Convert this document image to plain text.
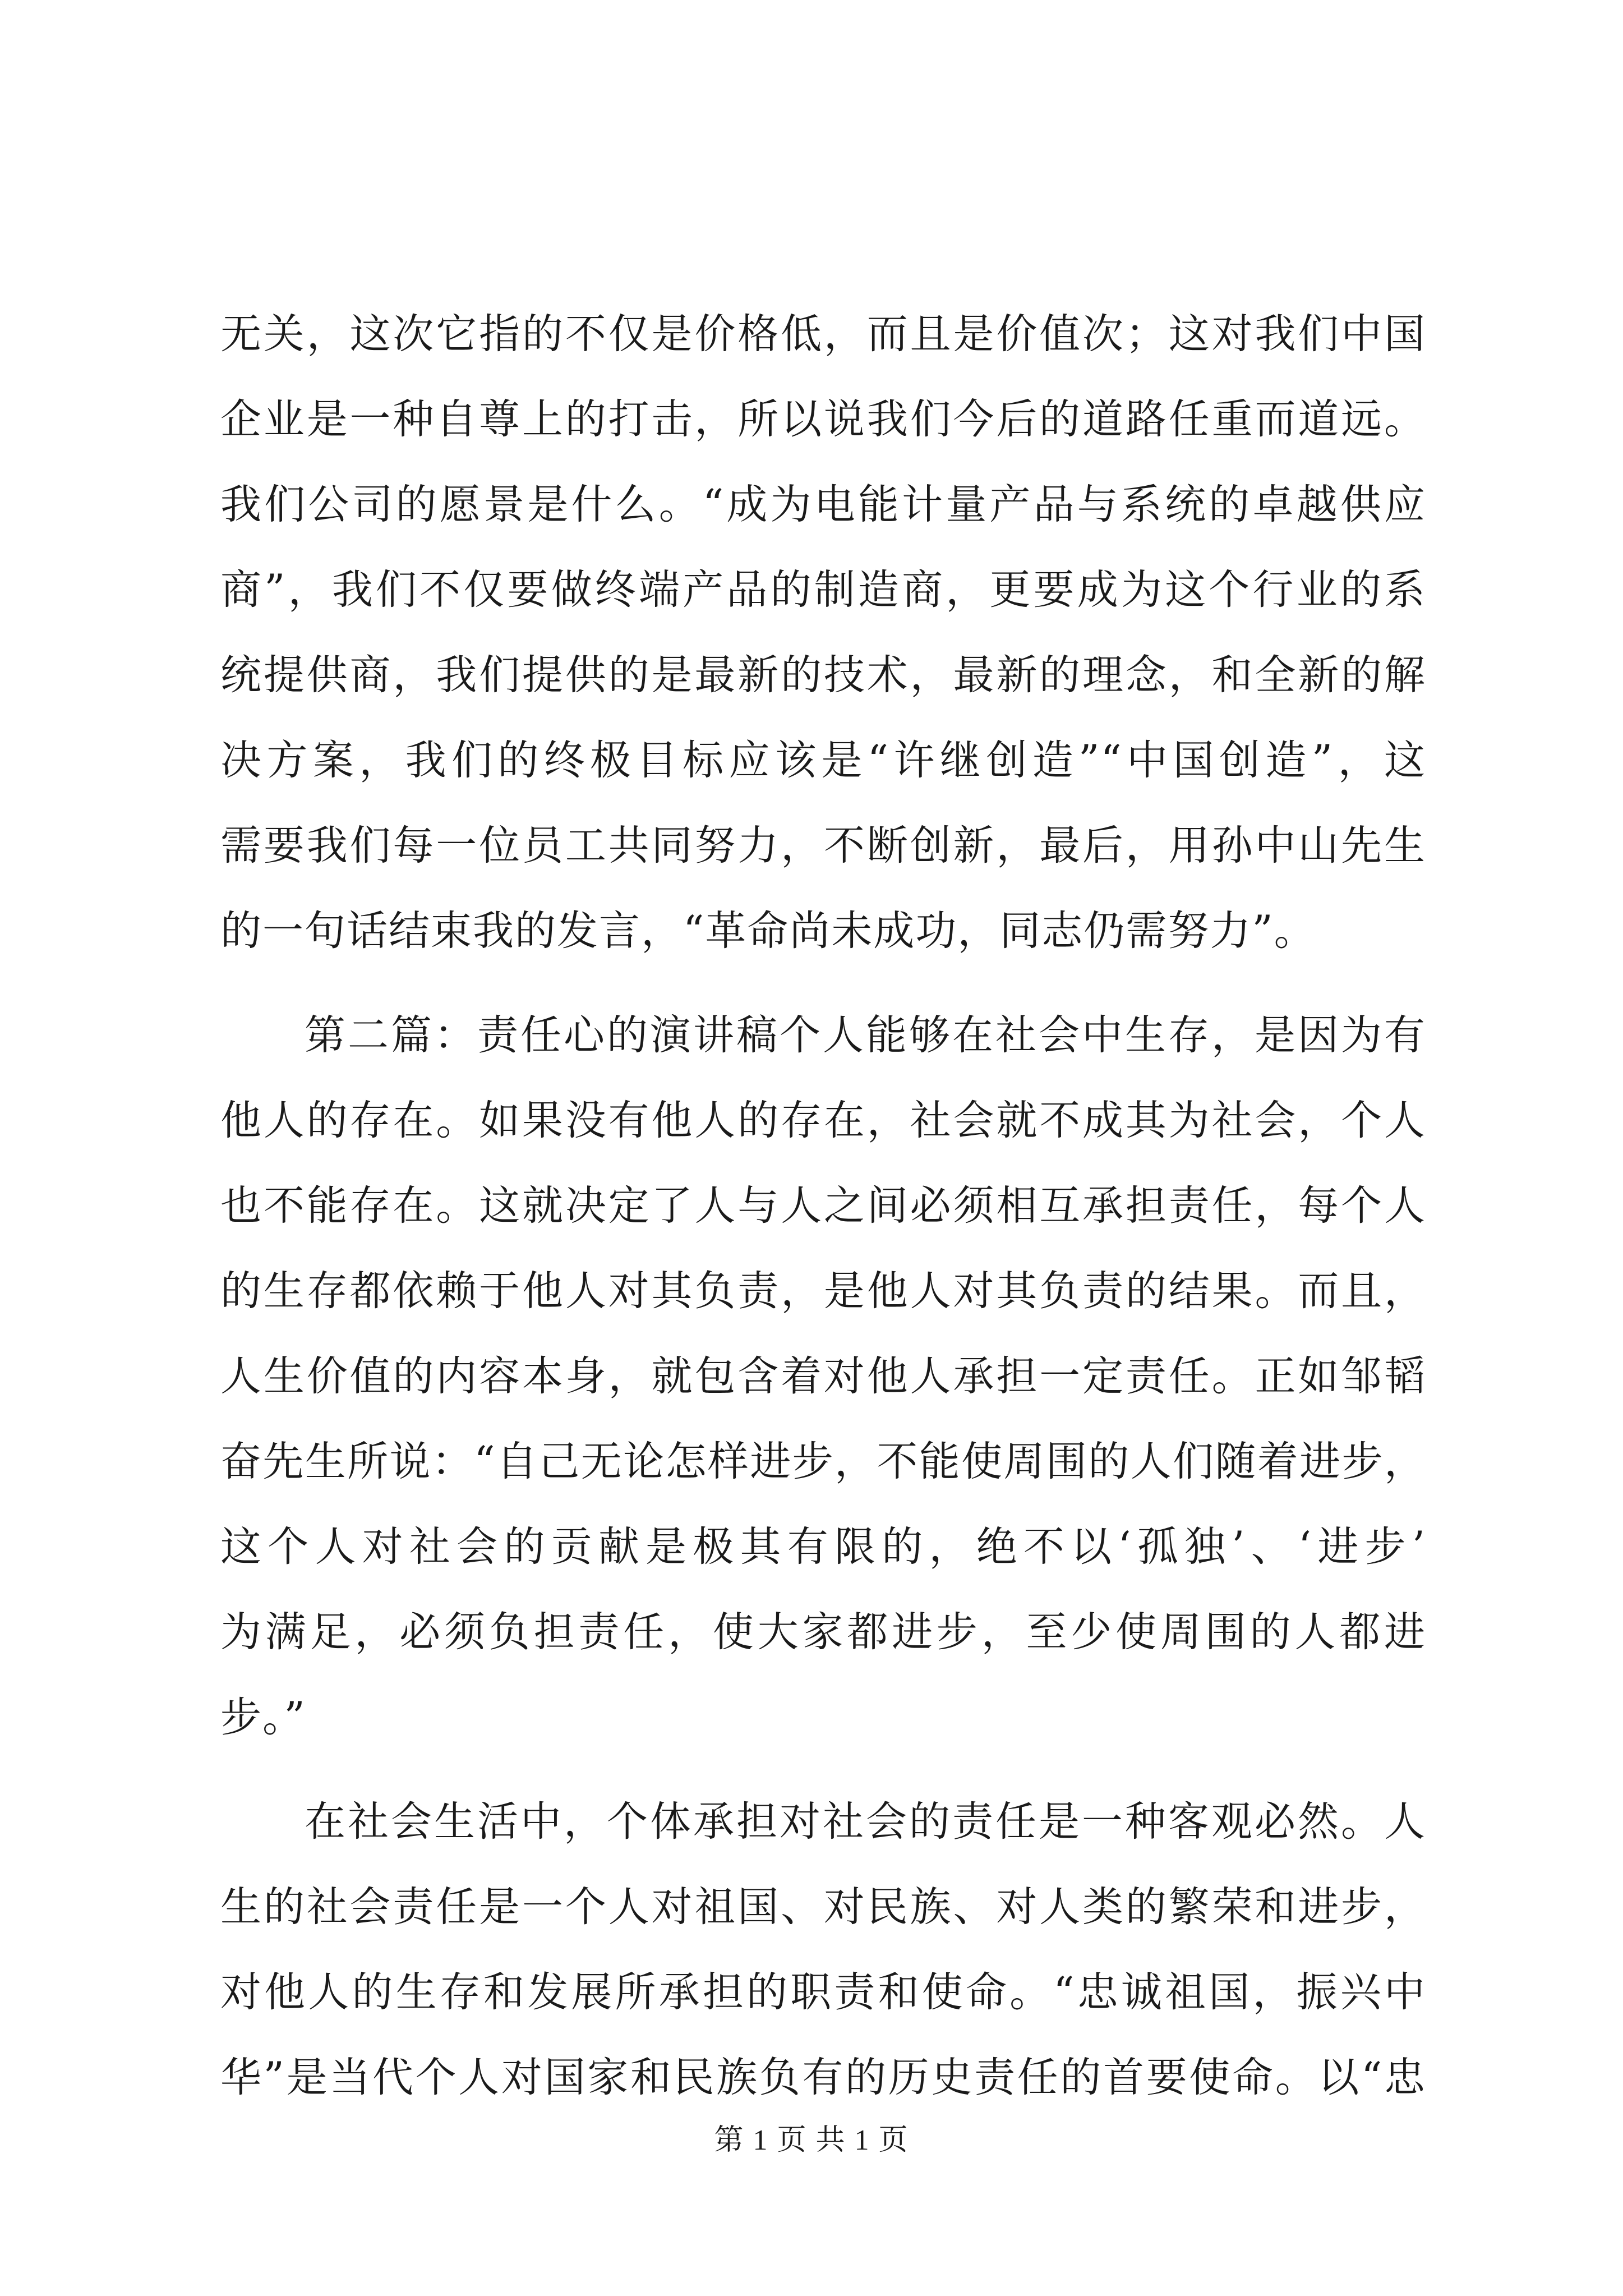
无关，这次它指的不仅是价格低，而且是价值次；这对我们中国
企业是一种自尊上的打击，所以说我们今后的道路任重而道远。
我们公司的愿景是什么。“成为电能计量产品与系统的卓越供应
商”，我们不仅要做终端产品的制造商，更要成为这个行业的系
统提供商，我们提供的是最新的技术，最新的理念，和全新的解
决方案，我们的终极目标应该是“许继创造”“中国创造”，这
需要我们每一位员工共同努力，不断创新，最后，用孙中山先生
的一句话结束我的发言，“革命尚未成功，同志仍需努力”。
第二篇：责任心的演讲稿个人能够在社会中生存，是因为有
他人的存在。如果没有他人的存在，社会就不成其为社会，个人
也不能存在。这就决定了人与人之间必须相互承担责任，每个人
的生存都依赖于他人对其负责，是他人对其负责的结果。而且，
人生价值的内容本身，就包含着对他人承担一定责任。正如邹韬
奋先生所说：“自己无论怎样进步，不能使周围的人们随着进步，
这个人对社会的贡献是极其有限的，绝不以‘孤独’、‘进步’
为满足，必须负担责任，使大家都进步，至少使周围的人都进
步。”
在社会生活中，个体承担对社会的责任是一种客观必然。人
生的社会责任是一个人对祖国、对民族、对人类的繁荣和进步，
对他人的生存和发展所承担的职责和使命。“忠诚祖国，振兴中
华”是当代个人对国家和民族负有的历史责任的首要使命。以“忠
第 1 页 共 1 页
